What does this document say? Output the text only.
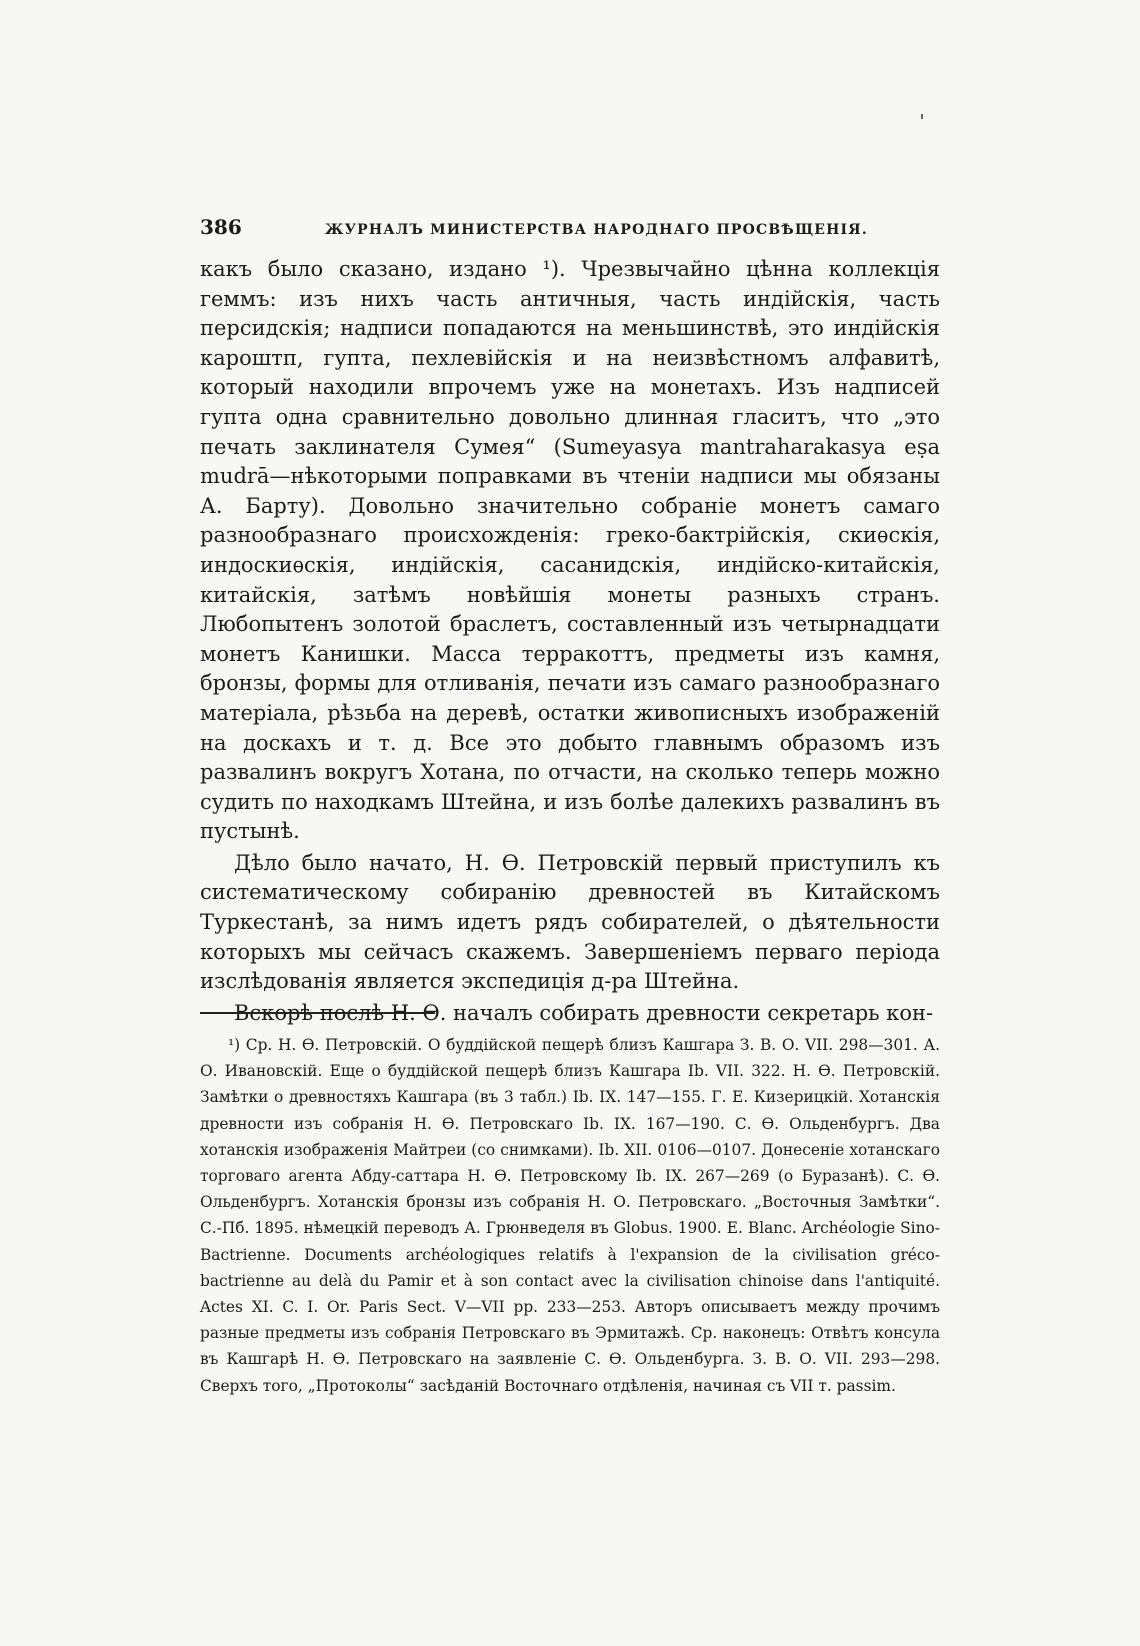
386	ЖУРНАЛЪ МИНИСТЕРСТВА НАРОДНАГО ПРОСВѢЩЕНІЯ.

какъ было сказано, издано ¹). Чрезвычайно цѣнна коллекція геммъ: изъ нихъ часть античныя, часть индійскія, часть персидскія; надписи попадаются на меньшинствѣ, это индійскія кароштп, гупта, пехлевійскія и на неизвѣстномъ алфавитѣ, который находили впрочемъ уже на монетахъ. Изъ надписей гупта одна сравнительно довольно длинная гласитъ, что „это печать заклинателя Сумея“ (Sumeyasya mantraharakasya eṣa mudrā—нѣкоторыми поправками въ чтеніи надписи мы обязаны А. Барту). Довольно значительно собраніе монетъ самаго разнообразнаго происхожденія: греко-бактрійскія, скиѳскія, индоскиѳскія, индійскія, сасанидскія, индійско-китайскія, китайскія, затѣмъ новѣйшія монеты разныхъ странъ. Любопытенъ золотой браслетъ, составленный изъ четырнадцати монетъ Канишки. Масса терракоттъ, предметы изъ камня, бронзы, формы для отливанія, печати изъ самаго разнообразнаго матеріала, рѣзьба на деревѣ, остатки живописныхъ изображеній на доскахъ и т. д. Все это добыто главнымъ образомъ изъ развалинъ вокругъ Хотана, по отчасти, на сколько теперь можно судить по находкамъ Штейна, и изъ болѣе далекихъ развалинъ въ пустынѣ.

Дѣло было начато, Н. Ѳ. Петровскій первый приступилъ къ систематическому собиранію древностей въ Китайскомъ Туркестанѣ, за нимъ идетъ рядъ собирателей, о дѣятельности которыхъ мы сейчасъ скажемъ. Завершеніемъ перваго періода изслѣдованія является экспедиція д-ра Штейна.

Вскорѣ послѣ Н. Ѳ. началъ собирать древности секретарь кон-

¹) Ср. Н. Ѳ. Петровскій. О буддійской пещерѣ близъ Кашгара З. В. О. VII. 298—301. А. О. Ивановскій. Еще о буддійской пещерѣ близъ Кашгара Ib. VII. 322. Н. Ѳ. Петровскій. Замѣтки о древностяхъ Кашгара (въ 3 табл.) Ib. IX. 147—155. Г. Е. Кизерицкій. Хотанскія древности изъ собранія Н. Ѳ. Петровскаго Ib. IX. 167—190. С. Ѳ. Ольденбургъ. Два хотанскія изображенія Майтреи (со снимками). Ib. XII. 0106—0107. Донесеніе хотанскаго торговаго агента Абду-саттара Н. Ѳ. Петровскому Ib. IX. 267—269 (о Буразанѣ). С. Ѳ. Ольденбургъ. Хотанскія бронзы изъ собранія Н. О. Петровскаго. „Восточныя Замѣтки“. С.-Пб. 1895. нѣмецкій переводъ А. Грюнведеля въ Globus. 1900. Е. Blanc. Archéologie Sino-Bactrienne. Documents archéologiques relatifs à l'expansion de la civilisation gréco-bactrienne au delà du Pamir et à son contact avec la civilisation chinoise dans l'antiquité. Actes XI. C. I. Or. Paris Sect. V—VII pp. 233—253. Авторъ описываетъ между прочимъ разные предметы изъ собранія Петровскаго въ Эрмитажѣ. Ср. наконецъ: Отвѣтъ консула въ Кашгарѣ Н. Ѳ. Петровскаго на заявленіе С. Ѳ. Ольденбурга. З. В. О. VII. 293—298. Сверхъ того, „Протоколы“ засѣданій Восточнаго отдѣленія, начиная съ VII т. passim.
